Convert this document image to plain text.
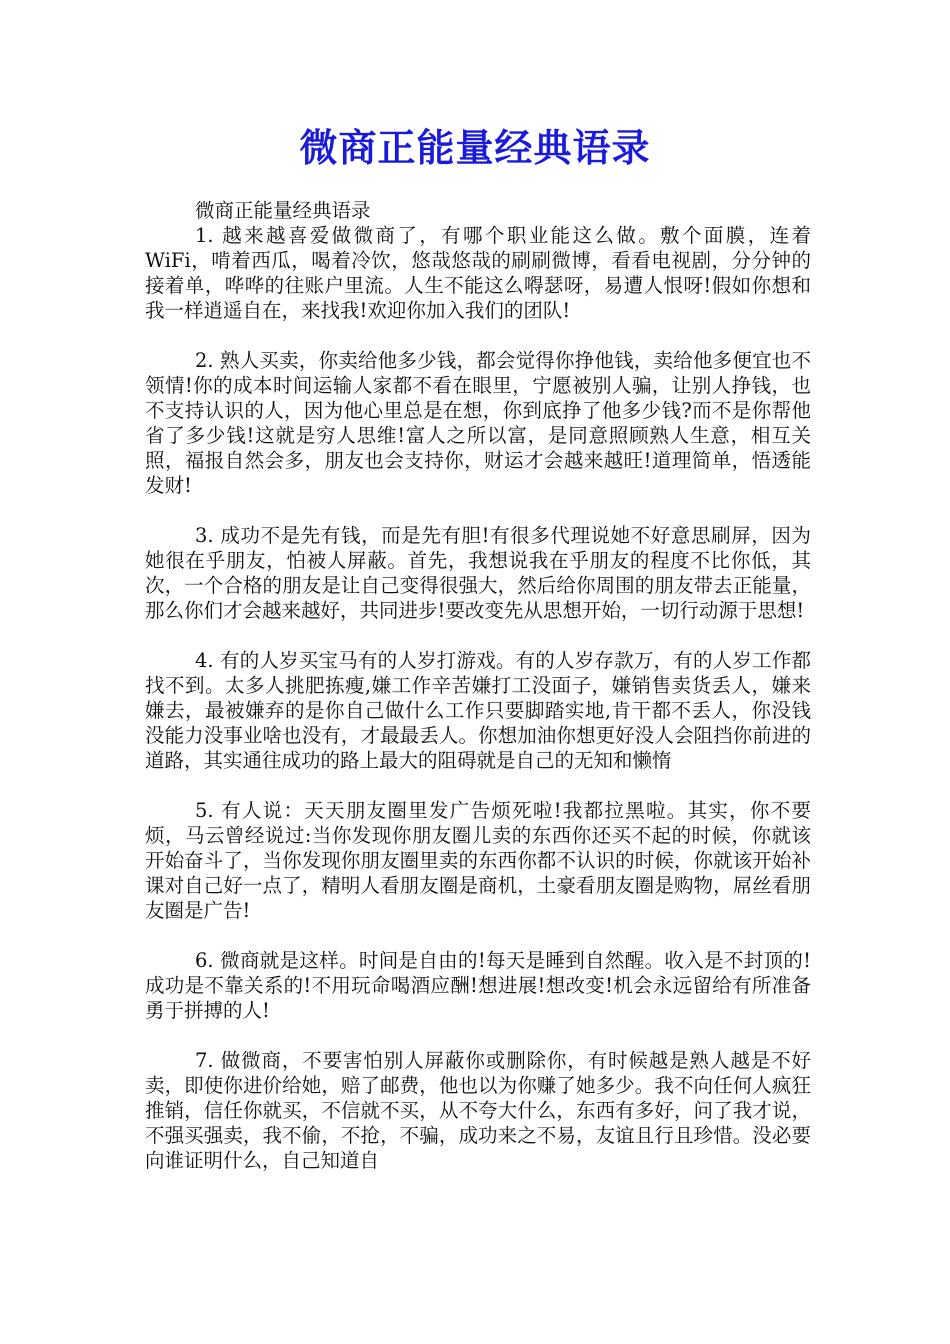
微商正能量经典语录

微商正能量经典语录

1. 越来越喜爱做微商了，有哪个职业能这么做。敷个面膜，连着 WiFi，啃着西瓜，喝着冷饮，悠哉悠哉的刷刷微博，看看电视剧，分分钟的接着单，哗哗的往账户里流。人生不能这么嘚瑟呀，易遭人恨呀!假如你想和我一样逍遥自在，来找我!欢迎你加入我们的团队!

2. 熟人买卖，你卖给他多少钱，都会觉得你挣他钱，卖给他多便宜也不领情!你的成本时间运输人家都不看在眼里，宁愿被别人骗，让别人挣钱，也不支持认识的人，因为他心里总是在想，你到底挣了他多少钱?而不是你帮他省了多少钱!这就是穷人思维!富人之所以富，是同意照顾熟人生意，相互关照，福报自然会多，朋友也会支持你，财运才会越来越旺!道理简单，悟透能发财!

3. 成功不是先有钱，而是先有胆!有很多代理说她不好意思刷屏，因为她很在乎朋友，怕被人屏蔽。首先，我想说我在乎朋友的程度不比你低，其次，一个合格的朋友是让自己变得很强大，然后给你周围的朋友带去正能量，那么你们才会越来越好，共同进步!要改变先从思想开始，一切行动源于思想!

4. 有的人岁买宝马有的人岁打游戏。有的人岁存款万，有的人岁工作都找不到。太多人挑肥拣瘦,嫌工作辛苦嫌打工没面子，嫌销售卖货丢人，嫌来嫌去，最被嫌弃的是你自己做什么工作只要脚踏实地,肯干都不丢人，你没钱没能力没事业啥也没有，才最最丢人。你想加油你想更好没人会阻挡你前进的道路，其实通往成功的路上最大的阻碍就是自己的无知和懒惰

5. 有人说：天天朋友圈里发广告烦死啦!我都拉黑啦。其实，你不要烦，马云曾经说过:当你发现你朋友圈儿卖的东西你还买不起的时候，你就该开始奋斗了，当你发现你朋友圈里卖的东西你都不认识的时候，你就该开始补课对自己好一点了，精明人看朋友圈是商机，土豪看朋友圈是购物，屌丝看朋友圈是广告!

6. 微商就是这样。时间是自由的!每天是睡到自然醒。收入是不封顶的!成功是不靠关系的!不用玩命喝酒应酬!想进展!想改变!机会永远留给有所准备勇于拼搏的人!

7. 做微商，不要害怕别人屏蔽你或删除你，有时候越是熟人越是不好卖，即使你进价给她，赔了邮费，他也以为你赚了她多少。我不向任何人疯狂推销，信任你就买，不信就不买，从不夸大什么，东西有多好，问了我才说，不强买强卖，我不偷，不抢，不骗，成功来之不易，友谊且行且珍惜。没必要向谁证明什么，自己知道自
